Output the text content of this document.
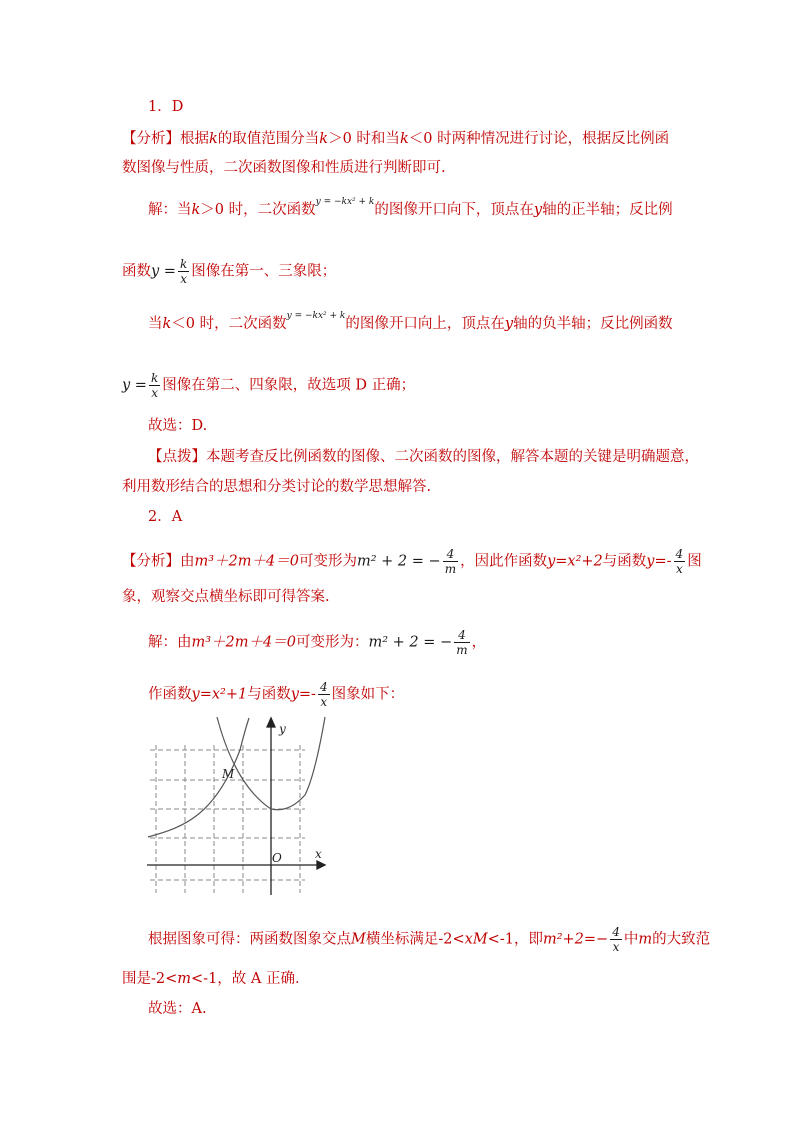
1．D
【分析】根据k的取值范围分当k＞0 时和当k＜0 时两种情况进行讨论，根据反比例函
数图像与性质，二次函数图像和性质进行判断即可.
解：当k＞0 时，二次函数$^{y = -kx^2 + k}$的图像开口向下，顶点在y轴的正半轴；反比例
函数$y = \frac{k}{x}$ 图像在第一、三象限；
当k＜0 时，二次函数$^{y = -kx^2 + k}$的图像开口向上，顶点在y轴的负半轴；反比例函数
$y = \frac{k}{x}$ 图像在第二、四象限，故选项 D 正确；
故选：D.
【点拨】本题考查反比例函数的图像、二次函数的图像，解答本题的关键是明确题意，
利用数形结合的思想和分类讨论的数学思想解答.
2．A
【分析】由m³＋2m＋4＝0可变形为m² + 2 = − $\frac{4}{m}$ ，因此作函数y=x²+2与函数$y=- \frac{4}{x}$ 图
象，观察交点横坐标即可得答案.
解：由m³＋2m＋4＝0可变形为：m² + 2 = − $\frac{4}{m}$ ，
作函数y=x²+1与函数$y=- \frac{4}{x}$ 图象如下：
y
x
O
M
根据图象可得：两函数图象交点M横坐标满足-2<xM<-1，即$m^2+2=- \frac{4}{x}$ 中m的大致范
围是-2<m<-1，故 A 正确．
故选：A.
